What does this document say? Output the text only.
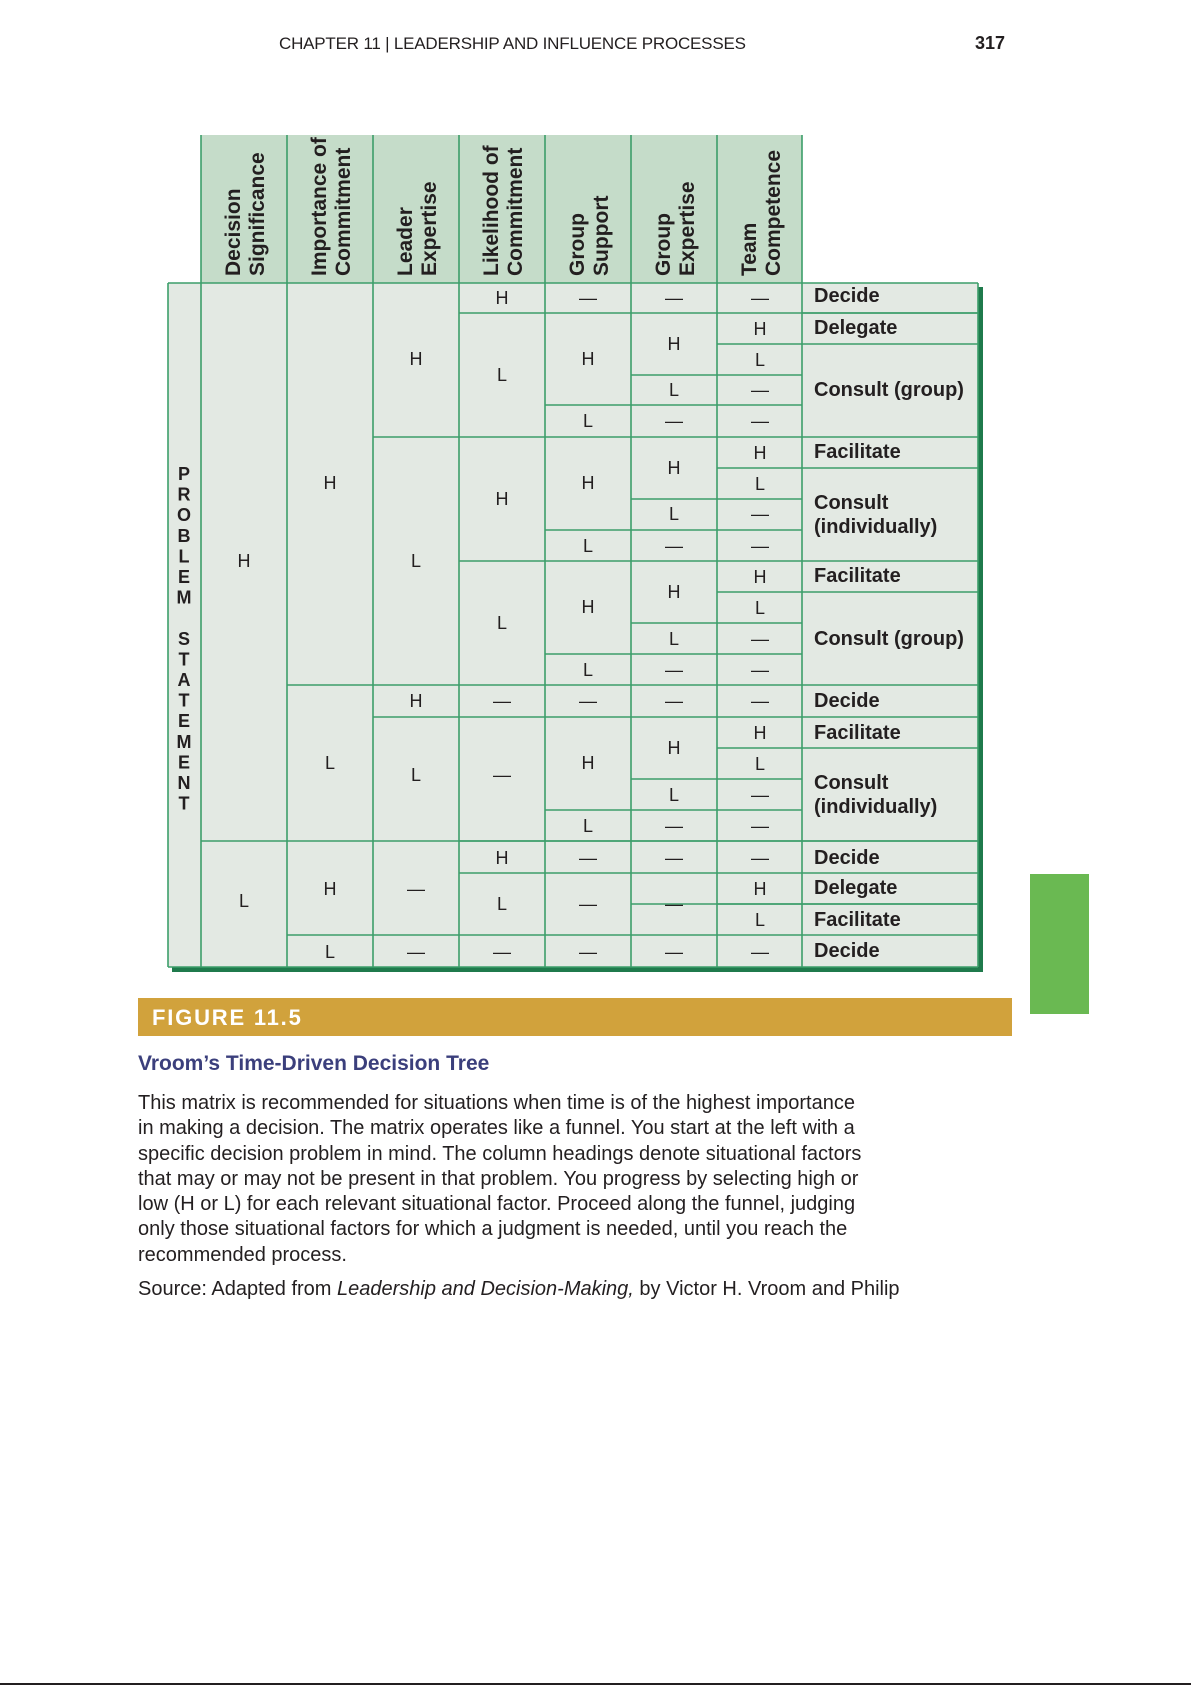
CHAPTER 11 | LEADERSHIP AND INFLUENCE PROCESSES	317
DecisionSignificance Importance ofCommitment LeaderExpertise Likelihood ofCommitment GroupSupport GroupExpertise TeamCompetence
P R O B L E M S T A T E M E N T
H
L
H
L
H
L
H
L
H
L
—
—
H
L
H
L
—
—
H
L
—
—
H
L
H
L
H
L
—
H
L
—
—
—
—
H
L
—
H
L
—
H
L
—
—
H
L
—
—
—
—
—
H
L
—
—
H
L
—
—
H
L
—
—
—
H
L
—
—
—
H
L
—
Decide
Delegate
Consult (group)
Facilitate
Consult (individually)
Facilitate
Consult (group)
Decide
Facilitate
Consult (individually)
Decide
Delegate
Facilitate
Decide
FIGURE 11.5
Vroom’s Time-Driven Decision Tree

This matrix is recommended for situations when time is of the highest importance
in making a decision. The matrix operates like a funnel. You start at the left with a
specific decision problem in mind. The column headings denote situational factors
that may or may not be present in that problem. You progress by selecting high or
low (H or L) for each relevant situational factor. Proceed along the funnel, judging
only those situational factors for which a judgment is needed, until you reach the
recommended process.

Source: Adapted from Leadership and Decision-Making, by Victor H. Vroom and Philip
